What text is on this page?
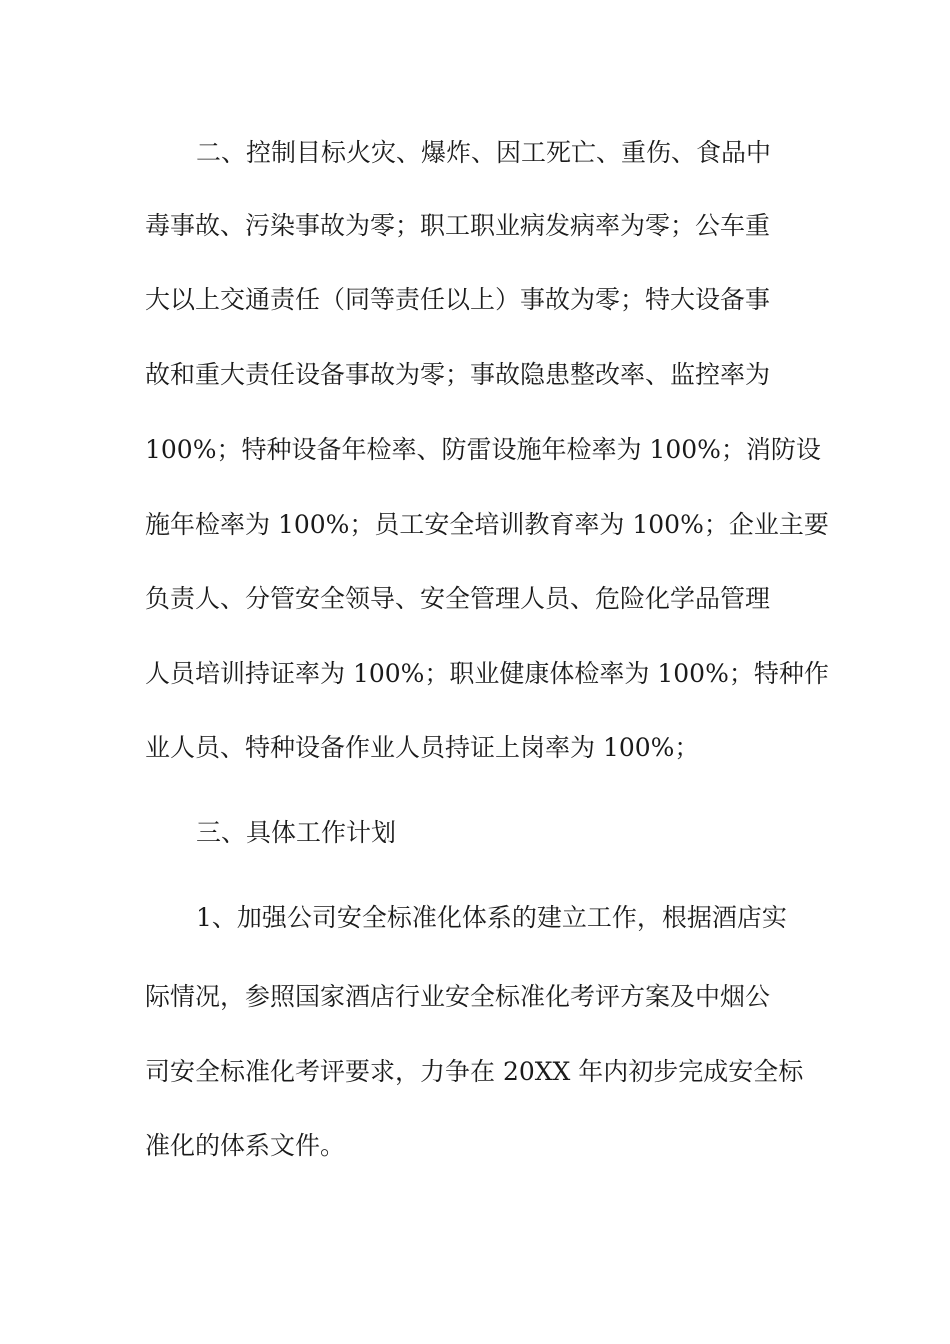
二、控制目标火灾、爆炸、因工死亡、重伤、食品中
毒事故、污染事故为零；职工职业病发病率为零；公车重
大以上交通责任（同等责任以上）事故为零；特大设备事
故和重大责任设备事故为零；事故隐患整改率、监控率为
100%；特种设备年检率、防雷设施年检率为 100%；消防设
施年检率为 100%；员工安全培训教育率为 100%；企业主要
负责人、分管安全领导、安全管理人员、危险化学品管理
人员培训持证率为 100%；职业健康体检率为 100%；特种作
业人员、特种设备作业人员持证上岗率为 100%；
三、具体工作计划
1、加强公司安全标准化体系的建立工作，根据酒店实
际情况，参照国家酒店行业安全标准化考评方案及中烟公
司安全标准化考评要求，力争在 20XX 年内初步完成安全标
准化的体系文件。
